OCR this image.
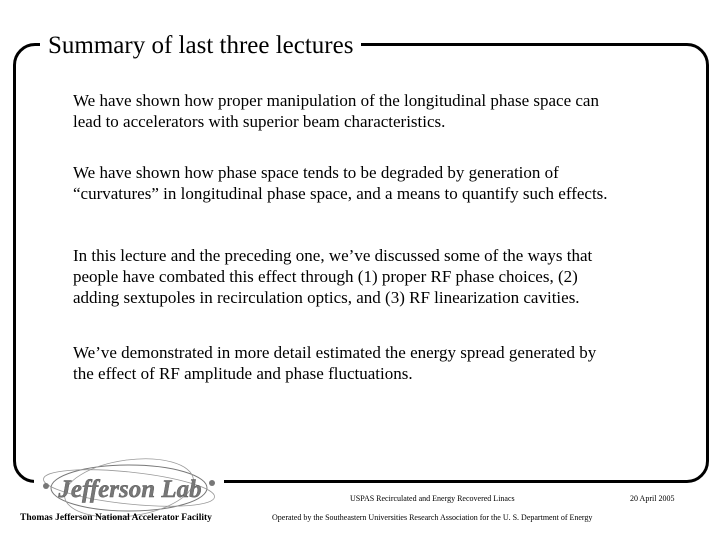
Summary of last three lectures

We have shown how proper manipulation of the longitudinal phase space can
lead to accelerators with superior beam characteristics.

We have shown how phase space tends to be degraded by generation of
“curvatures” in longitudinal phase space, and a means to quantify such effects.

In this lecture and the preceding one, we’ve discussed some of the ways that
people have combated this effect through (1) proper RF phase choices, (2)
adding sextupoles in recirculation optics, and (3) RF linearization cavities.

We’ve demonstrated in more detail estimated the energy spread generated by
the effect of RF amplitude and phase fluctuations.

Jefferson Lab
Thomas Jefferson National Accelerator Facility
USPAS Recirculated and Energy Recovered Linacs
Operated by the Southeastern Universities Research Association for the U. S. Department of Energy
20 April 2005
